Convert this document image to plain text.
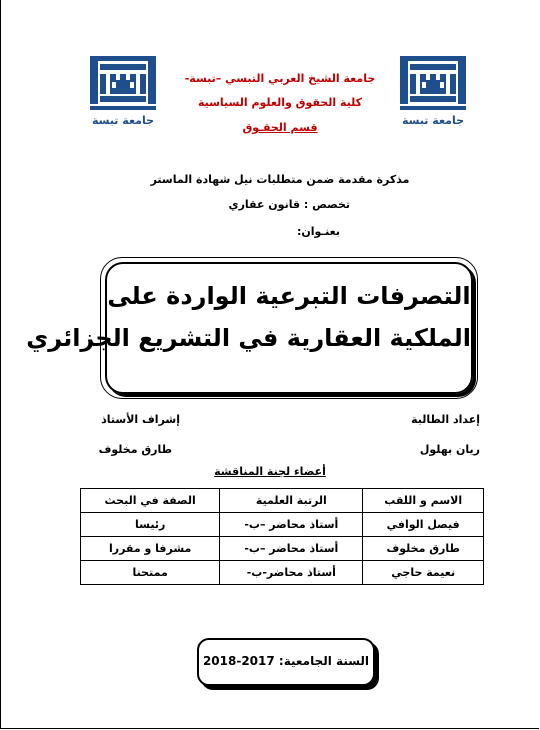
جامعة تبسة	جامعة تبسة
جامعة الشيخ العربي التبسي –تبسة-
كلية الحقوق والعلوم السياسية
قسم الحقـوق
مذكرة مقدمة ضمن متطلبات نيل شهادة الماستر
تخصص : قانون عقاري
بعنـوان:
التصرفات التبرعية الواردة على
الملكية العقارية في التشريع الجزائري
إعداد الطالبة
إشراف الأستاذ
ريان بهلول
طارق مخلوف
أعضاء لجنة المناقشة
الاسم و اللقب	الرتبة العلمية	الصفة في البحث
فيصل الوافي	أستاذ محاضر –ب-	رئيسا
طارق مخلوف	أستاذ محاضر –ب-	مشرفا و مقررا
نعيمة حاجي	أستاذ محاضر-ب-	ممتحنا
السنة الجامعية: 2017-2018
